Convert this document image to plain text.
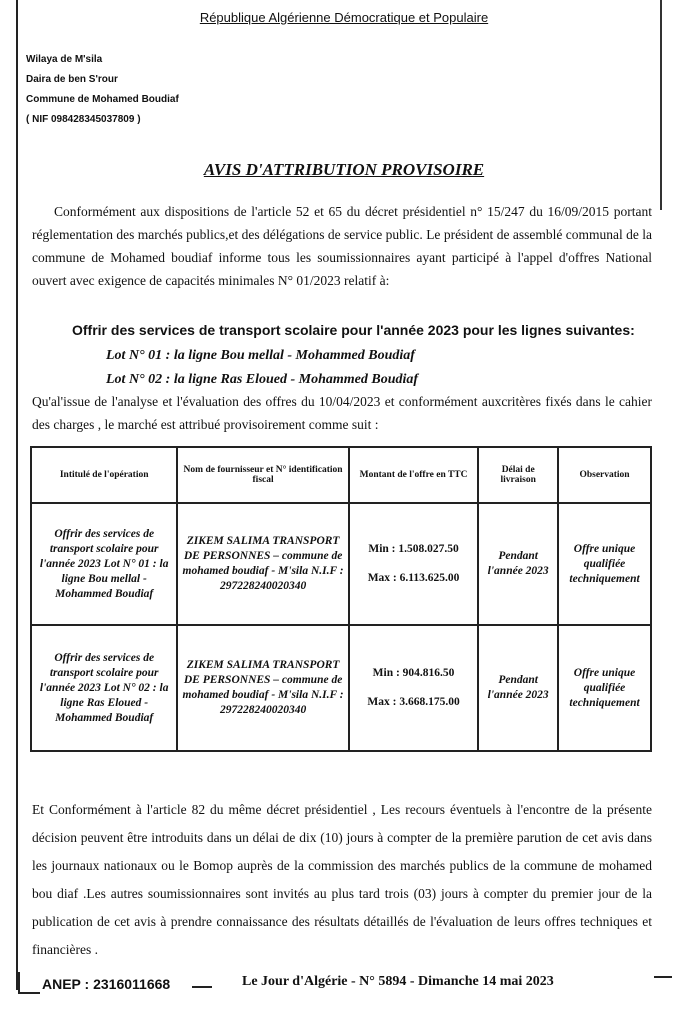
République Algérienne Démocratique et Populaire
Wilaya de M'sila
Daira de ben S'rour
Commune de Mohamed Boudiaf
( NIF 098428345037809 )
AVIS D'ATTRIBUTION PROVISOIRE
Conformément aux dispositions de l'article 52 et 65 du décret présidentiel n° 15/247 du 16/09/2015 portant réglementation des marchés publics,et des délégations de service public. Le président de assemblé communal de la commune de Mohamed boudiaf informe tous les soumissionnaires ayant participé à l'appel d'offres National ouvert avec exigence de capacités minimales N° 01/2023 relatif à:
Offrir des services de transport scolaire pour l'année 2023 pour les lignes suivantes:
Lot N° 01 : la ligne Bou mellal - Mohammed Boudiaf
Lot N° 02 : la ligne Ras Eloued - Mohammed Boudiaf
Qu'al'issue de l'analyse et l'évaluation des offres du 10/04/2023 et conformément auxcritères fixés dans le cahier des charges , le marché est attribué provisoirement comme suit :
Intitulé de l'opération	Nom de fournisseur et N° identification fiscal	Montant de l'offre en TTC	Délai de livraison	Observation
Offrir des services de transport scolaire pour l'année 2023 Lot N° 01 : la ligne Bou mellal - Mohammed Boudiaf	ZIKEM SALIMA TRANSPORT DE PERSONNES – commune de mohamed boudiaf - M'sila N.I.F : 297228240020340	Min : 1.508.027.50
Max : 6.113.625.00	Pendant l'année 2023	Offre unique qualifiée techniquement
Offrir des services de transport scolaire pour l'année 2023 Lot N° 02 : la ligne Ras Eloued - Mohammed Boudiaf	ZIKEM SALIMA TRANSPORT DE PERSONNES – commune de mohamed boudiaf - M'sila N.I.F : 297228240020340	Min : 904.816.50
Max : 3.668.175.00	Pendant l'année 2023	Offre unique qualifiée techniquement
Et Conformément à l'article 82 du même décret présidentiel , Les recours éventuels à l'encontre de la présente décision peuvent être introduits dans un délai de dix (10) jours à compter de la première parution de cet avis dans les journaux nationaux ou le Bomop auprès de la commission des marchés publics de la commune de mohamed bou diaf .Les autres soumissionnaires sont invités au plus tard trois (03) jours à compter du premier jour de la publication de cet avis à prendre connaissance des résultats détaillés de l'évaluation de leurs offres techniques et financières .
ANEP : 2316011668	Le Jour d'Algérie - N° 5894 - Dimanche 14 mai 2023
